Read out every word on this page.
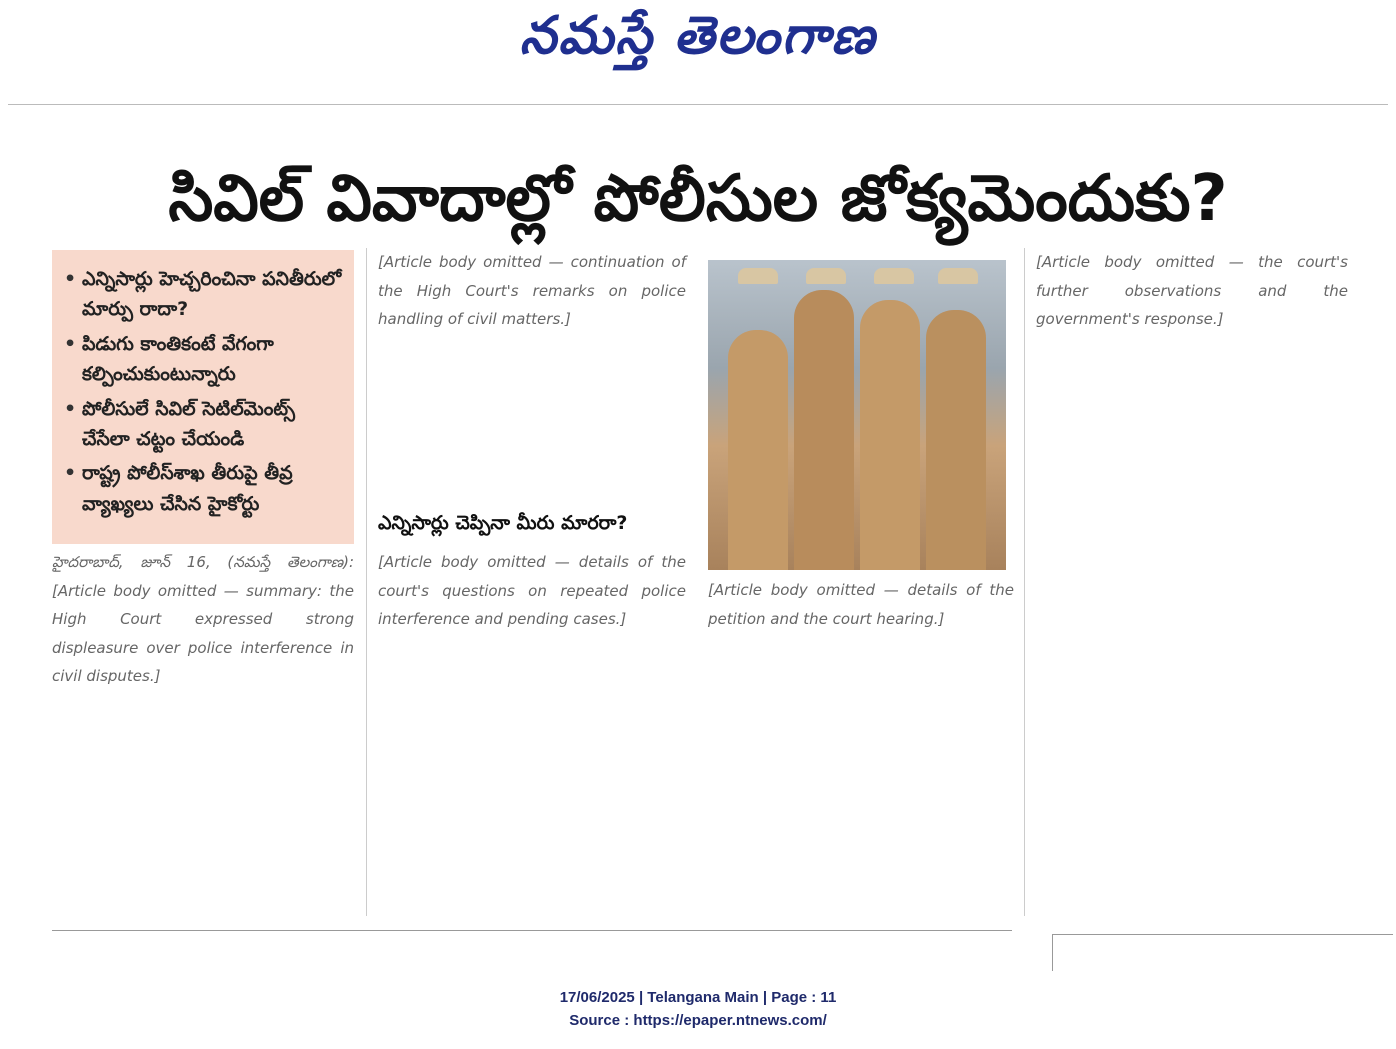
నమస్తే తెలంగాణ
సివిల్ వివాదాల్లో పోలీసుల జోక్యమెందుకు?
• ఎన్నిసార్లు హెచ్చరించినా పనితీరులో మార్పు రాదా?
• పిడుగు కాంతికంటే వేగంగా కల్పించుకుంటున్నారు
• పోలీసులే సివిల్ సెటిల్‌మెంట్స్ చేసేలా చట్టం చేయండి
• రాష్ట్ర పోలీస్‌శాఖ తీరుపై తీవ్ర వ్యాఖ్యలు చేసిన హైకోర్టు
హైదరాబాద్, జూన్ 16, (నమస్తే తెలంగాణ): [Article body omitted — summary: the High Court expressed strong displeasure over police interference in civil disputes.]
[Article body omitted — continuation of the High Court's remarks on police handling of civil matters.]
ఎన్నిసార్లు చెప్పినా మీరు మారరా?
[Article body omitted — details of the court's questions on repeated police interference and pending cases.]
[Article body omitted — details of the petition and the court hearing.]
[Article body omitted — the court's further observations and the government's response.]
17/06/2025 | Telangana Main | Page : 11
Source : https://epaper.ntnews.com/
